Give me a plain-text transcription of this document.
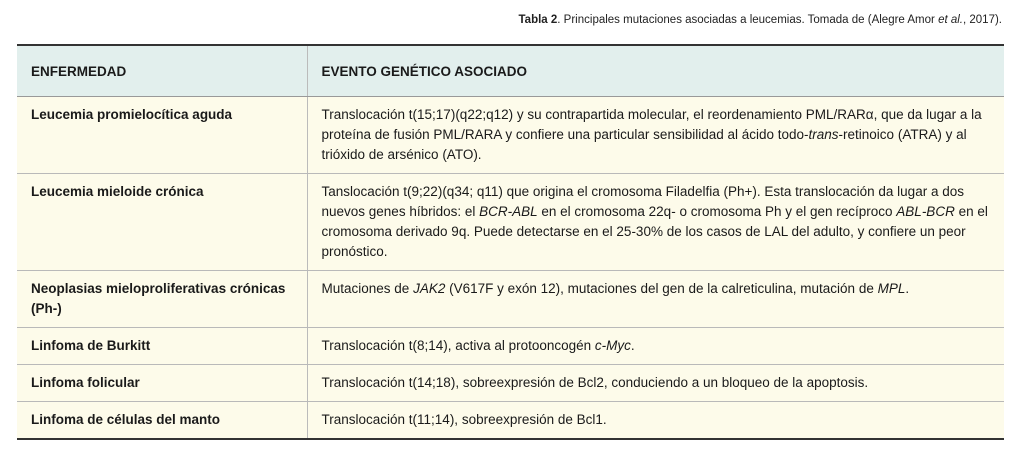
Tabla 2. Principales mutaciones asociadas a leucemias. Tomada de (Alegre Amor et al., 2017).
ENFERMEDAD	EVENTO GENÉTICO ASOCIADO
Leucemia promielocítica aguda	Translocación t(15;17)(q22;q12) y su contrapartida molecular, el reordenamiento PML/RARα, que da lugar a la proteína de fusión PML/RARA y confiere una particular sensibilidad al ácido todo-trans-retinoico (ATRA) y al trióxido de arsénico (ATO).
Leucemia mieloide crónica	Tanslocación t(9;22)(q34; q11) que origina el cromosoma Filadelfia (Ph+). Esta translocación da lugar a dos nuevos genes híbridos: el BCR-ABL en el cromosoma 22q- o cromosoma Ph y el gen recíproco ABL-BCR en el cromosoma derivado 9q. Puede detectarse en el 25-30% de los casos de LAL del adulto, y confiere un peor pronóstico.
Neoplasias mieloproliferativas crónicas (Ph-)	Mutaciones de JAK2 (V617F y exón 12), mutaciones del gen de la calreticulina, mutación de MPL.
Linfoma de Burkitt	Translocación t(8;14), activa al protooncogén c-Myc.
Linfoma folicular	Translocación t(14;18), sobreexpresión de Bcl2, conduciendo a un bloqueo de la apoptosis.
Linfoma de células del manto	Translocación t(11;14), sobreexpresión de Bcl1.
